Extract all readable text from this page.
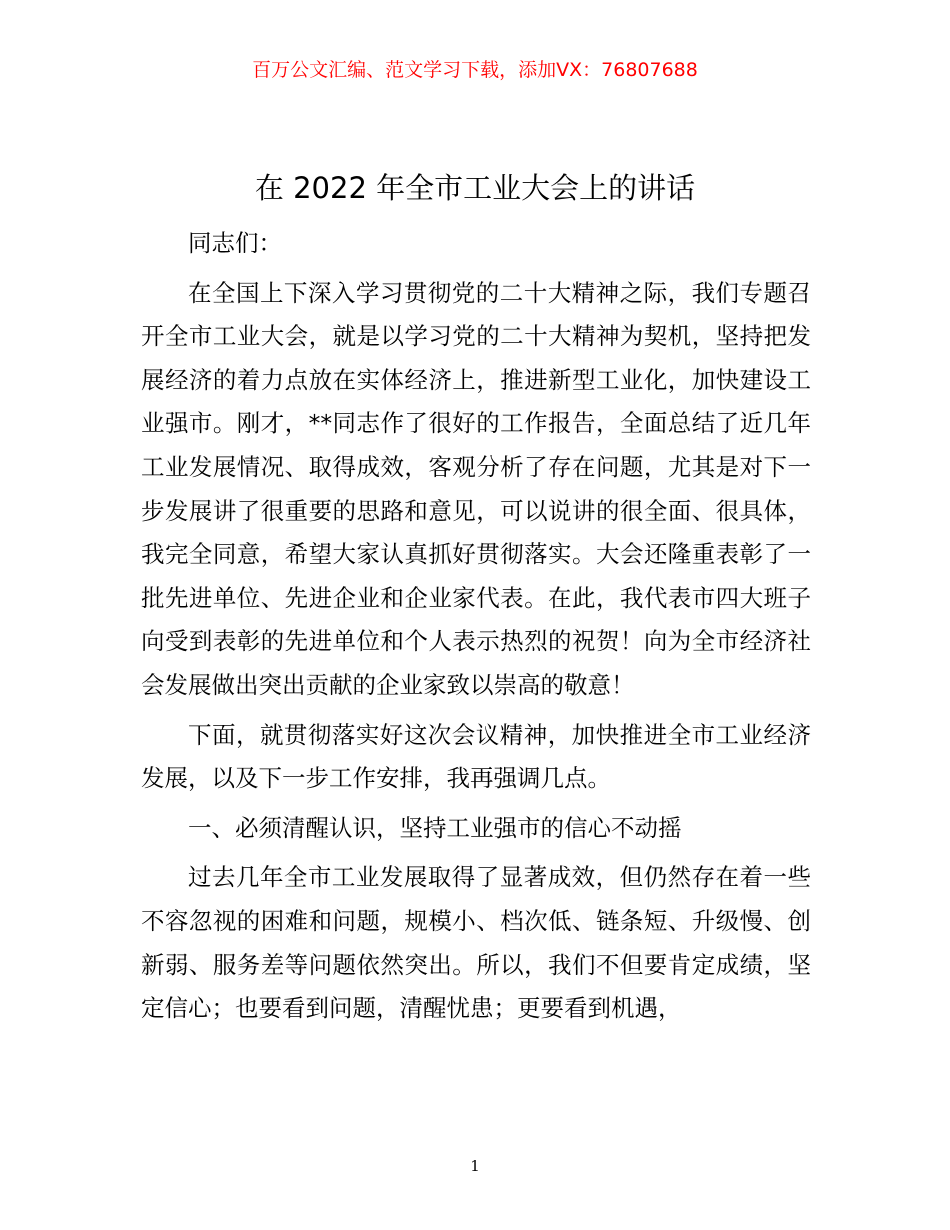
百万公文汇编、范文学习下载，添加VX：76807688
在 2022 年全市工业大会上的讲话

同志们：

在全国上下深入学习贯彻党的二十大精神之际，我们专题召开全市工业大会，就是以学习党的二十大精神为契机，坚持把发展经济的着力点放在实体经济上，推进新型工业化，加快建设工业强市。刚才，**同志作了很好的工作报告，全面总结了近几年工业发展情况、取得成效，客观分析了存在问题，尤其是对下一步发展讲了很重要的思路和意见，可以说讲的很全面、很具体，我完全同意，希望大家认真抓好贯彻落实。大会还隆重表彰了一批先进单位、先进企业和企业家代表。在此，我代表市四大班子向受到表彰的先进单位和个人表示热烈的祝贺！向为全市经济社会发展做出突出贡献的企业家致以崇高的敬意！

下面，就贯彻落实好这次会议精神，加快推进全市工业经济发展，以及下一步工作安排，我再强调几点。

一、必须清醒认识，坚持工业强市的信心不动摇

过去几年全市工业发展取得了显著成效，但仍然存在着一些不容忽视的困难和问题，规模小、档次低、链条短、升级慢、创新弱、服务差等问题依然突出。所以，我们不但要肯定成绩，坚定信心；也要看到问题，清醒忧患；更要看到机遇，

1
